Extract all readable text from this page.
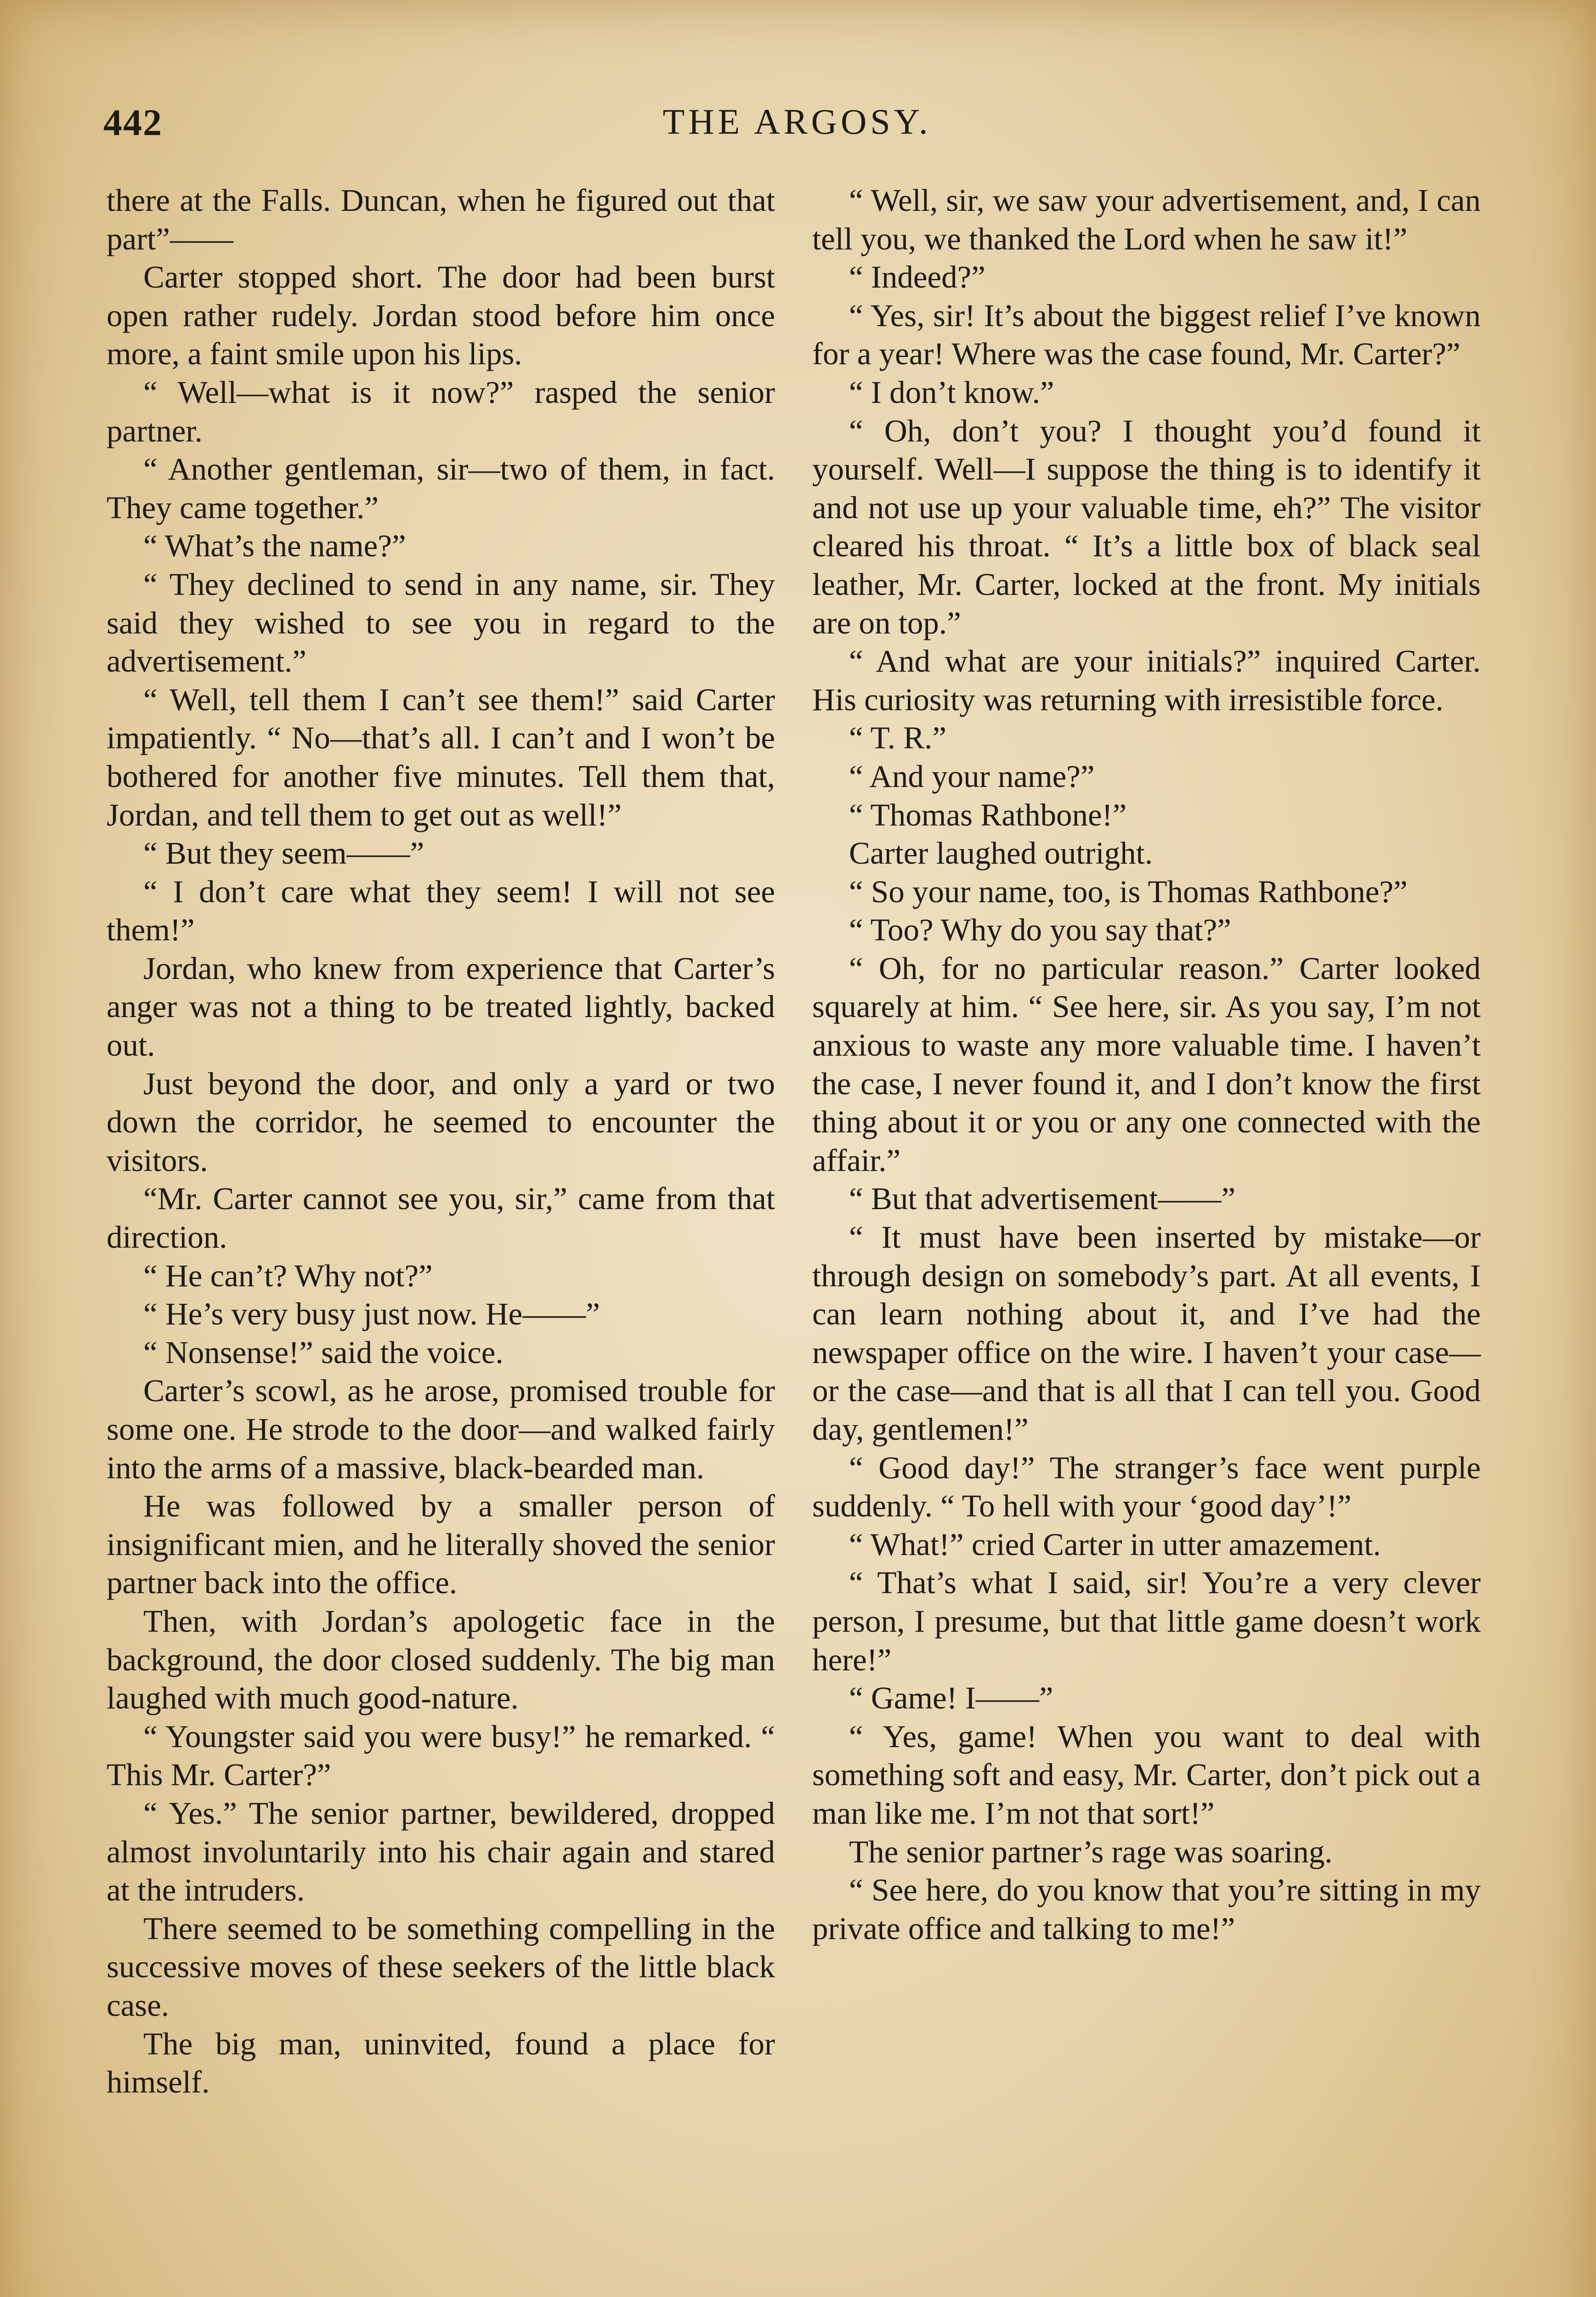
442	THE ARGOSY.

there at the Falls. Duncan, when he figured out that part”——

Carter stopped short. The door had been burst open rather rudely. Jordan stood before him once more, a faint smile upon his lips.

“ Well—what is it now?” rasped the senior partner.

“ Another gentleman, sir—two of them, in fact. They came together.”

“ What’s the name?”

“ They declined to send in any name, sir. They said they wished to see you in regard to the advertisement.”

“ Well, tell them I can’t see them!” said Carter impatiently. “ No—that’s all. I can’t and I won’t be bothered for another five minutes. Tell them that, Jordan, and tell them to get out as well!”

“ But they seem——”

“ I don’t care what they seem! I will not see them!”

Jordan, who knew from experience that Carter’s anger was not a thing to be treated lightly, backed out.

Just beyond the door, and only a yard or two down the corridor, he seemed to encounter the visitors.

“Mr. Carter cannot see you, sir,” came from that direction.

“ He can’t? Why not?”

“ He’s very busy just now. He——”

“ Nonsense!” said the voice.

Carter’s scowl, as he arose, promised trouble for some one. He strode to the door—and walked fairly into the arms of a massive, black-bearded man.

He was followed by a smaller person of insignificant mien, and he literally shoved the senior partner back into the office.

Then, with Jordan’s apologetic face in the background, the door closed suddenly. The big man laughed with much good-nature.

“ Youngster said you were busy!” he remarked. “ This Mr. Carter?”

“ Yes.” The senior partner, bewildered, dropped almost involuntarily into his chair again and stared at the intruders.

There seemed to be something compelling in the successive moves of these seekers of the little black case.

The big man, uninvited, found a place for himself.

“ Well, sir, we saw your advertisement, and, I can tell you, we thanked the Lord when he saw it!”

“ Indeed?”

“ Yes, sir! It’s about the biggest relief I’ve known for a year! Where was the case found, Mr. Carter?”

“ I don’t know.”

“ Oh, don’t you? I thought you’d found it yourself. Well—I suppose the thing is to identify it and not use up your valuable time, eh?” The visitor cleared his throat. “ It’s a little box of black seal leather, Mr. Carter, locked at the front. My initials are on top.”

“ And what are your initials?” inquired Carter. His curiosity was returning with irresistible force.

“ T. R.”

“ And your name?”

“ Thomas Rathbone!”

Carter laughed outright.

“ So your name, too, is Thomas Rathbone?”

“ Too? Why do you say that?”

“ Oh, for no particular reason.” Carter looked squarely at him. “ See here, sir. As you say, I’m not anxious to waste any more valuable time. I haven’t the case, I never found it, and I don’t know the first thing about it or you or any one connected with the affair.”

“ But that advertisement——”

“ It must have been inserted by mistake—or through design on somebody’s part. At all events, I can learn nothing about it, and I’ve had the newspaper office on the wire. I haven’t your case—or the case—and that is all that I can tell you. Good day, gentlemen!”

“ Good day!” The stranger’s face went purple suddenly. “ To hell with your ‘good day’!”

“ What!” cried Carter in utter amazement.

“ That’s what I said, sir! You’re a very clever person, I presume, but that little game doesn’t work here!”

“ Game! I——”

“ Yes, game! When you want to deal with something soft and easy, Mr. Carter, don’t pick out a man like me. I’m not that sort!”

The senior partner’s rage was soaring.

“ See here, do you know that you’re sitting in my private office and talking to me!”
